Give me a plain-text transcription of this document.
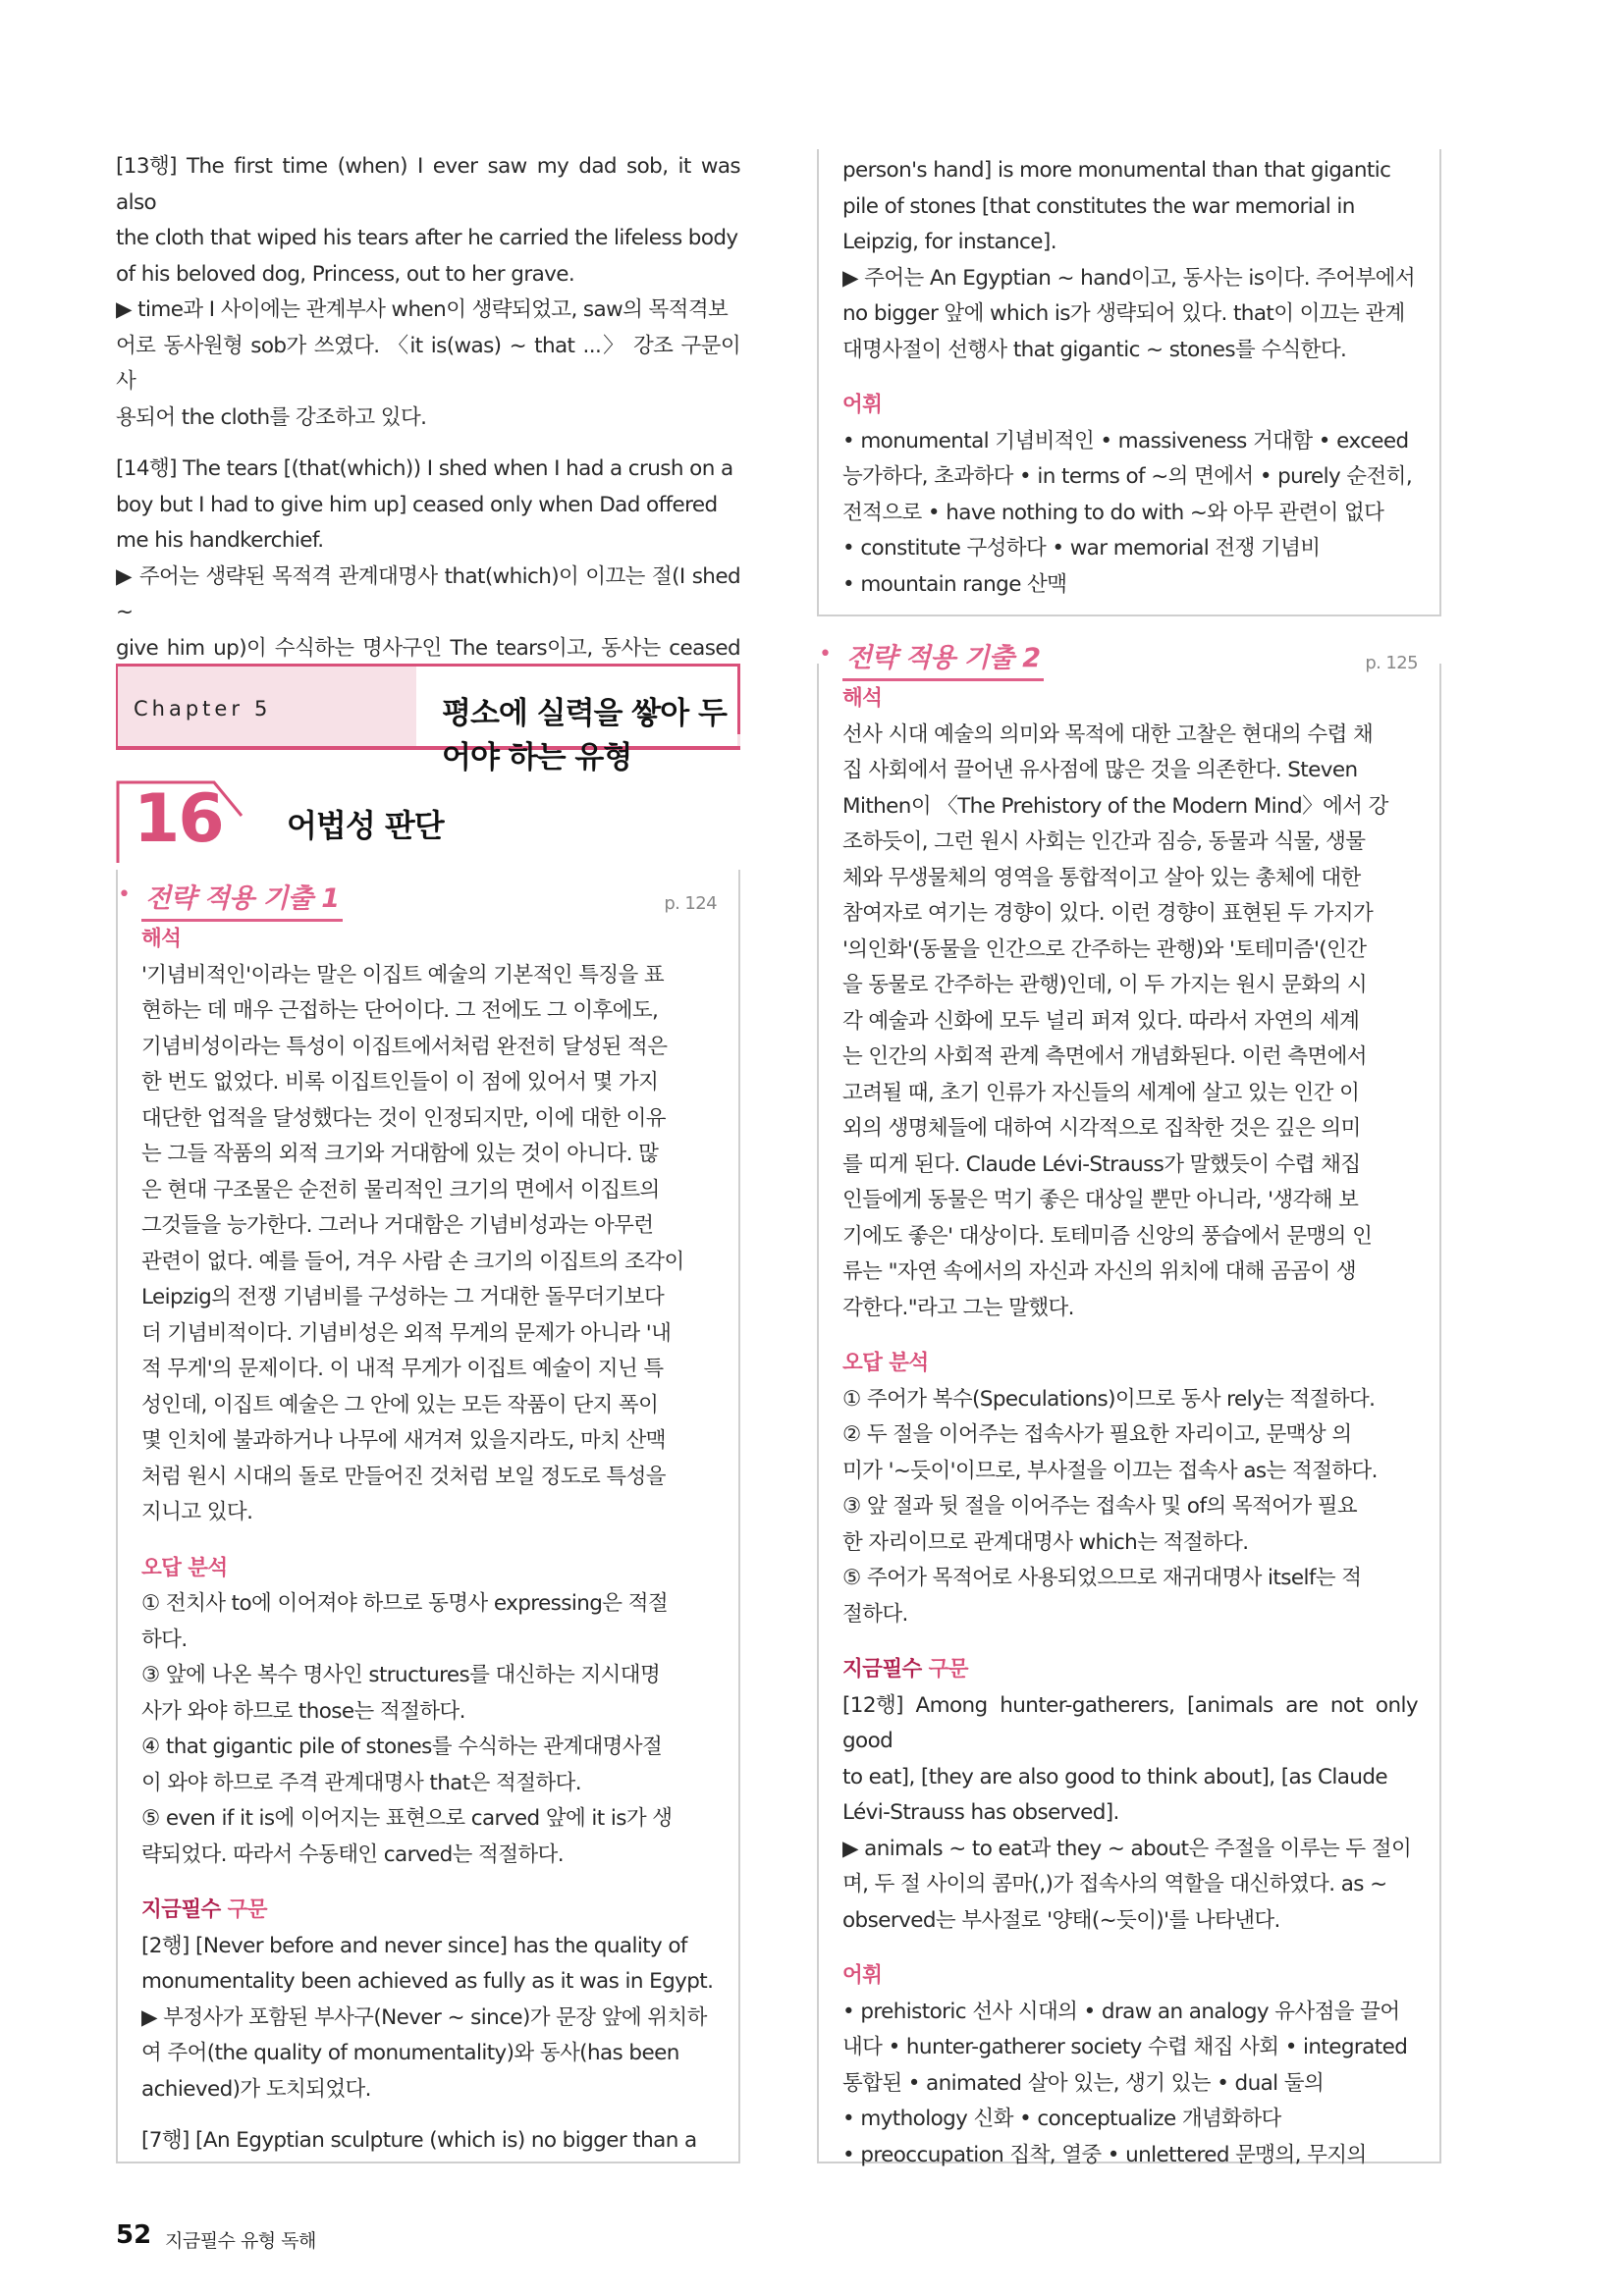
[13행] The first time (when) I ever saw my dad sob, it was also

the cloth that wiped his tears after he carried the lifeless body

of his beloved dog, Princess, out to her grave.

▶ time과 I 사이에는 관계부사 when이 생략되었고, saw의 목적격보

어로 동사원형 sob가 쓰였다. 〈it is(was) ~ that ...〉 강조 구문이 사

용되어 the cloth를 강조하고 있다.

[14행] The tears [(that(which)) I shed when I had a crush on a

boy but I had to give him up] ceased only when Dad offered

me his handkerchief.

▶ 주어는 생략된 목적격 관계대명사 that(which)이 이끄는 절(I shed ~

give him up)이 수식하는 명사구인 The tears이고, 동사는 ceased

Chapter 5	평소에 실력을 쌓아 두어야 하는 유형
16 어법성 판단
• 전략 적용 기출 1	p. 124
해석

'기념비적인'이라는 말은 이집트 예술의 기본적인 특징을 표

현하는 데 매우 근접하는 단어이다. 그 전에도 그 이후에도,

기념비성이라는 특성이 이집트에서처럼 완전히 달성된 적은

한 번도 없었다. 비록 이집트인들이 이 점에 있어서 몇 가지

대단한 업적을 달성했다는 것이 인정되지만, 이에 대한 이유

는 그들 작품의 외적 크기와 거대함에 있는 것이 아니다. 많

은 현대 구조물은 순전히 물리적인 크기의 면에서 이집트의

그것들을 능가한다. 그러나 거대함은 기념비성과는 아무런

관련이 없다. 예를 들어, 겨우 사람 손 크기의 이집트의 조각이

Leipzig의 전쟁 기념비를 구성하는 그 거대한 돌무더기보다

더 기념비적이다. 기념비성은 외적 무게의 문제가 아니라 '내

적 무게'의 문제이다. 이 내적 무게가 이집트 예술이 지닌 특

성인데, 이집트 예술은 그 안에 있는 모든 작품이 단지 폭이

몇 인치에 불과하거나 나무에 새겨져 있을지라도, 마치 산맥

처럼 원시 시대의 돌로 만들어진 것처럼 보일 정도로 특성을

지니고 있다.

오답 분석

① 전치사 to에 이어져야 하므로 동명사 expressing은 적절

하다.

③ 앞에 나온 복수 명사인 structures를 대신하는 지시대명

사가 와야 하므로 those는 적절하다.

④ that gigantic pile of stones를 수식하는 관계대명사절

이 와야 하므로 주격 관계대명사 that은 적절하다.

⑤ even if it is에 이어지는 표현으로 carved 앞에 it is가 생

략되었다. 따라서 수동태인 carved는 적절하다.

지금필수 구문

[2행] [Never before and never since] has the quality of

monumentality been achieved as fully as it was in Egypt.

▶ 부정사가 포함된 부사구(Never ~ since)가 문장 앞에 위치하

여 주어(the quality of monumentality)와 동사(has been

achieved)가 도치되었다.

[7행] [An Egyptian sculpture (which is) no bigger than a

person's hand] is more monumental than that gigantic

pile of stones [that constitutes the war memorial in

Leipzig, for instance].

▶ 주어는 An Egyptian ~ hand이고, 동사는 is이다. 주어부에서

no bigger 앞에 which is가 생략되어 있다. that이 이끄는 관계

대명사절이 선행사 that gigantic ~ stones를 수식한다.

어휘

• monumental 기념비적인 • massiveness 거대함 • exceed

능가하다, 초과하다 • in terms of ~의 면에서 • purely 순전히,

전적으로 • have nothing to do with ~와 아무 관련이 없다

• constitute 구성하다 • war memorial 전쟁 기념비

• mountain range 산맥

• 전략 적용 기출 2	p. 125
해석

선사 시대 예술의 의미와 목적에 대한 고찰은 현대의 수렵 채

집 사회에서 끌어낸 유사점에 많은 것을 의존한다. Steven

Mithen이 〈The Prehistory of the Modern Mind〉에서 강

조하듯이, 그런 원시 사회는 인간과 짐승, 동물과 식물, 생물

체와 무생물체의 영역을 통합적이고 살아 있는 총체에 대한

참여자로 여기는 경향이 있다. 이런 경향이 표현된 두 가지가

'의인화'(동물을 인간으로 간주하는 관행)와 '토테미즘'(인간

을 동물로 간주하는 관행)인데, 이 두 가지는 원시 문화의 시

각 예술과 신화에 모두 널리 퍼져 있다. 따라서 자연의 세계

는 인간의 사회적 관계 측면에서 개념화된다. 이런 측면에서

고려될 때, 초기 인류가 자신들의 세계에 살고 있는 인간 이

외의 생명체들에 대하여 시각적으로 집착한 것은 깊은 의미

를 띠게 된다. Claude Lévi-Strauss가 말했듯이 수렵 채집

인들에게 동물은 먹기 좋은 대상일 뿐만 아니라, '생각해 보

기에도 좋은' 대상이다. 토테미즘 신앙의 풍습에서 문맹의 인

류는 "자연 속에서의 자신과 자신의 위치에 대해 곰곰이 생

각한다."라고 그는 말했다.

오답 분석

① 주어가 복수(Speculations)이므로 동사 rely는 적절하다.

② 두 절을 이어주는 접속사가 필요한 자리이고, 문맥상 의

미가 '~듯이'이므로, 부사절을 이끄는 접속사 as는 적절하다.

③ 앞 절과 뒷 절을 이어주는 접속사 및 of의 목적어가 필요

한 자리이므로 관계대명사 which는 적절하다.

⑤ 주어가 목적어로 사용되었으므로 재귀대명사 itself는 적

절하다.

지금필수 구문

[12행] Among hunter-gatherers, [animals are not only good

to eat], [they are also good to think about], [as Claude

Lévi-Strauss has observed].

▶ animals ~ to eat과 they ~ about은 주절을 이루는 두 절이

며, 두 절 사이의 콤마(,)가 접속사의 역할을 대신하였다. as ~

observed는 부사절로 '양태(~듯이)'를 나타낸다.

어휘

• prehistoric 선사 시대의 • draw an analogy 유사점을 끌어

내다 • hunter-gatherer society 수렵 채집 사회 • integrated

통합된 • animated 살아 있는, 생기 있는 • dual 둘의

• mythology 신화 • conceptualize 개념화하다

• preoccupation 집착, 열중 • unlettered 문맹의, 무지의

52 지금필수 유형 독해
